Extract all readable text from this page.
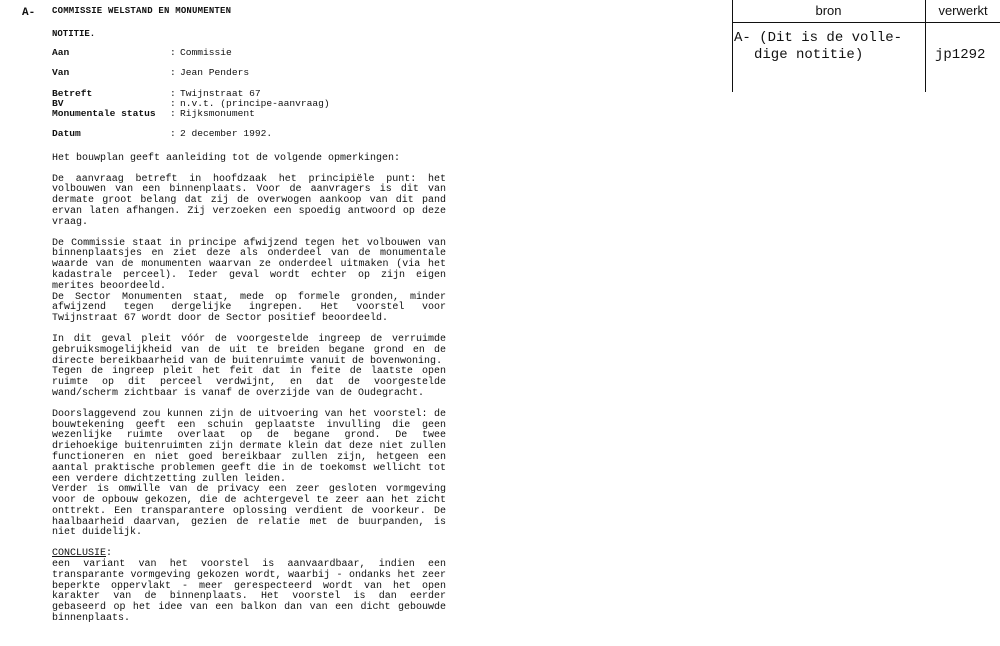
A- COMMISSIE WELSTAND EN MONUMENTEN
NOTITIE.
Aan	: Commissie
Van	: Jean Penders
Betreft	: Twijnstraat 67
BV	: n.v.t. (principe-aanvraag)
Monumentale status	: Rijksmonument
Datum	: 2 december 1992.

Het bouwplan geeft aanleiding tot de volgende opmerkingen:

De aanvraag betreft in hoofdzaak het principiële punt: het volbouwen van een binnenplaats. Voor de aanvragers is dit van dermate groot belang dat zij de overwogen aankoop van dit pand ervan laten afhangen. Zij verzoeken een spoedig antwoord op deze vraag.

De Commissie staat in principe afwijzend tegen het volbouwen van binnenplaatsjes en ziet deze als onderdeel van de monumentale waarde van de monumenten waarvan ze onderdeel uitmaken (via het kadastrale perceel). Ieder geval wordt echter op zijn eigen merites beoordeeld.

De Sector Monumenten staat, mede op formele gronden, minder afwijzend tegen dergelijke ingrepen. Het voorstel voor Twijnstraat 67 wordt door de Sector positief beoordeeld.

In dit geval pleit vóór de voorgestelde ingreep de verruimde gebruiksmogelijkheid van de uit te breiden begane grond en de directe bereikbaarheid van de buitenruimte vanuit de bovenwoning.

Tegen de ingreep pleit het feit dat in feite de laatste open ruimte op dit perceel verdwijnt, en dat de voorgestelde wand/scherm zichtbaar is vanaf de overzijde van de Oudegracht.

Doorslaggevend zou kunnen zijn de uitvoering van het voorstel: de bouwtekening geeft een schuin geplaatste invulling die geen wezenlijke ruimte overlaat op de begane grond. De twee driehoekige buitenruimten zijn dermate klein dat deze niet zullen functioneren en niet goed bereikbaar zullen zijn, hetgeen een aantal praktische problemen geeft die in de toekomst wellicht tot een verdere dichtzetting zullen leiden.

Verder is omwille van de privacy een zeer gesloten vormgeving voor de opbouw gekozen, die de achtergevel te zeer aan het zicht onttrekt. Een transparantere oplossing verdient de voorkeur. De haalbaarheid daarvan, gezien de relatie met de buurpanden, is niet duidelijk.

CONCLUSIE:

een variant van het voorstel is aanvaardbaar, indien een transparante vormgeving gekozen wordt, waarbij - ondanks het zeer beperkte oppervlakt - meer gerespecteerd wordt van het open karakter van de binnenplaats. Het voorstel is dan eerder gebaseerd op het idee van een balkon dan van een dicht gebouwde binnenplaats.

bron	verwerkt
A- (Dit is de volle-
dige notitie)	jp1292
